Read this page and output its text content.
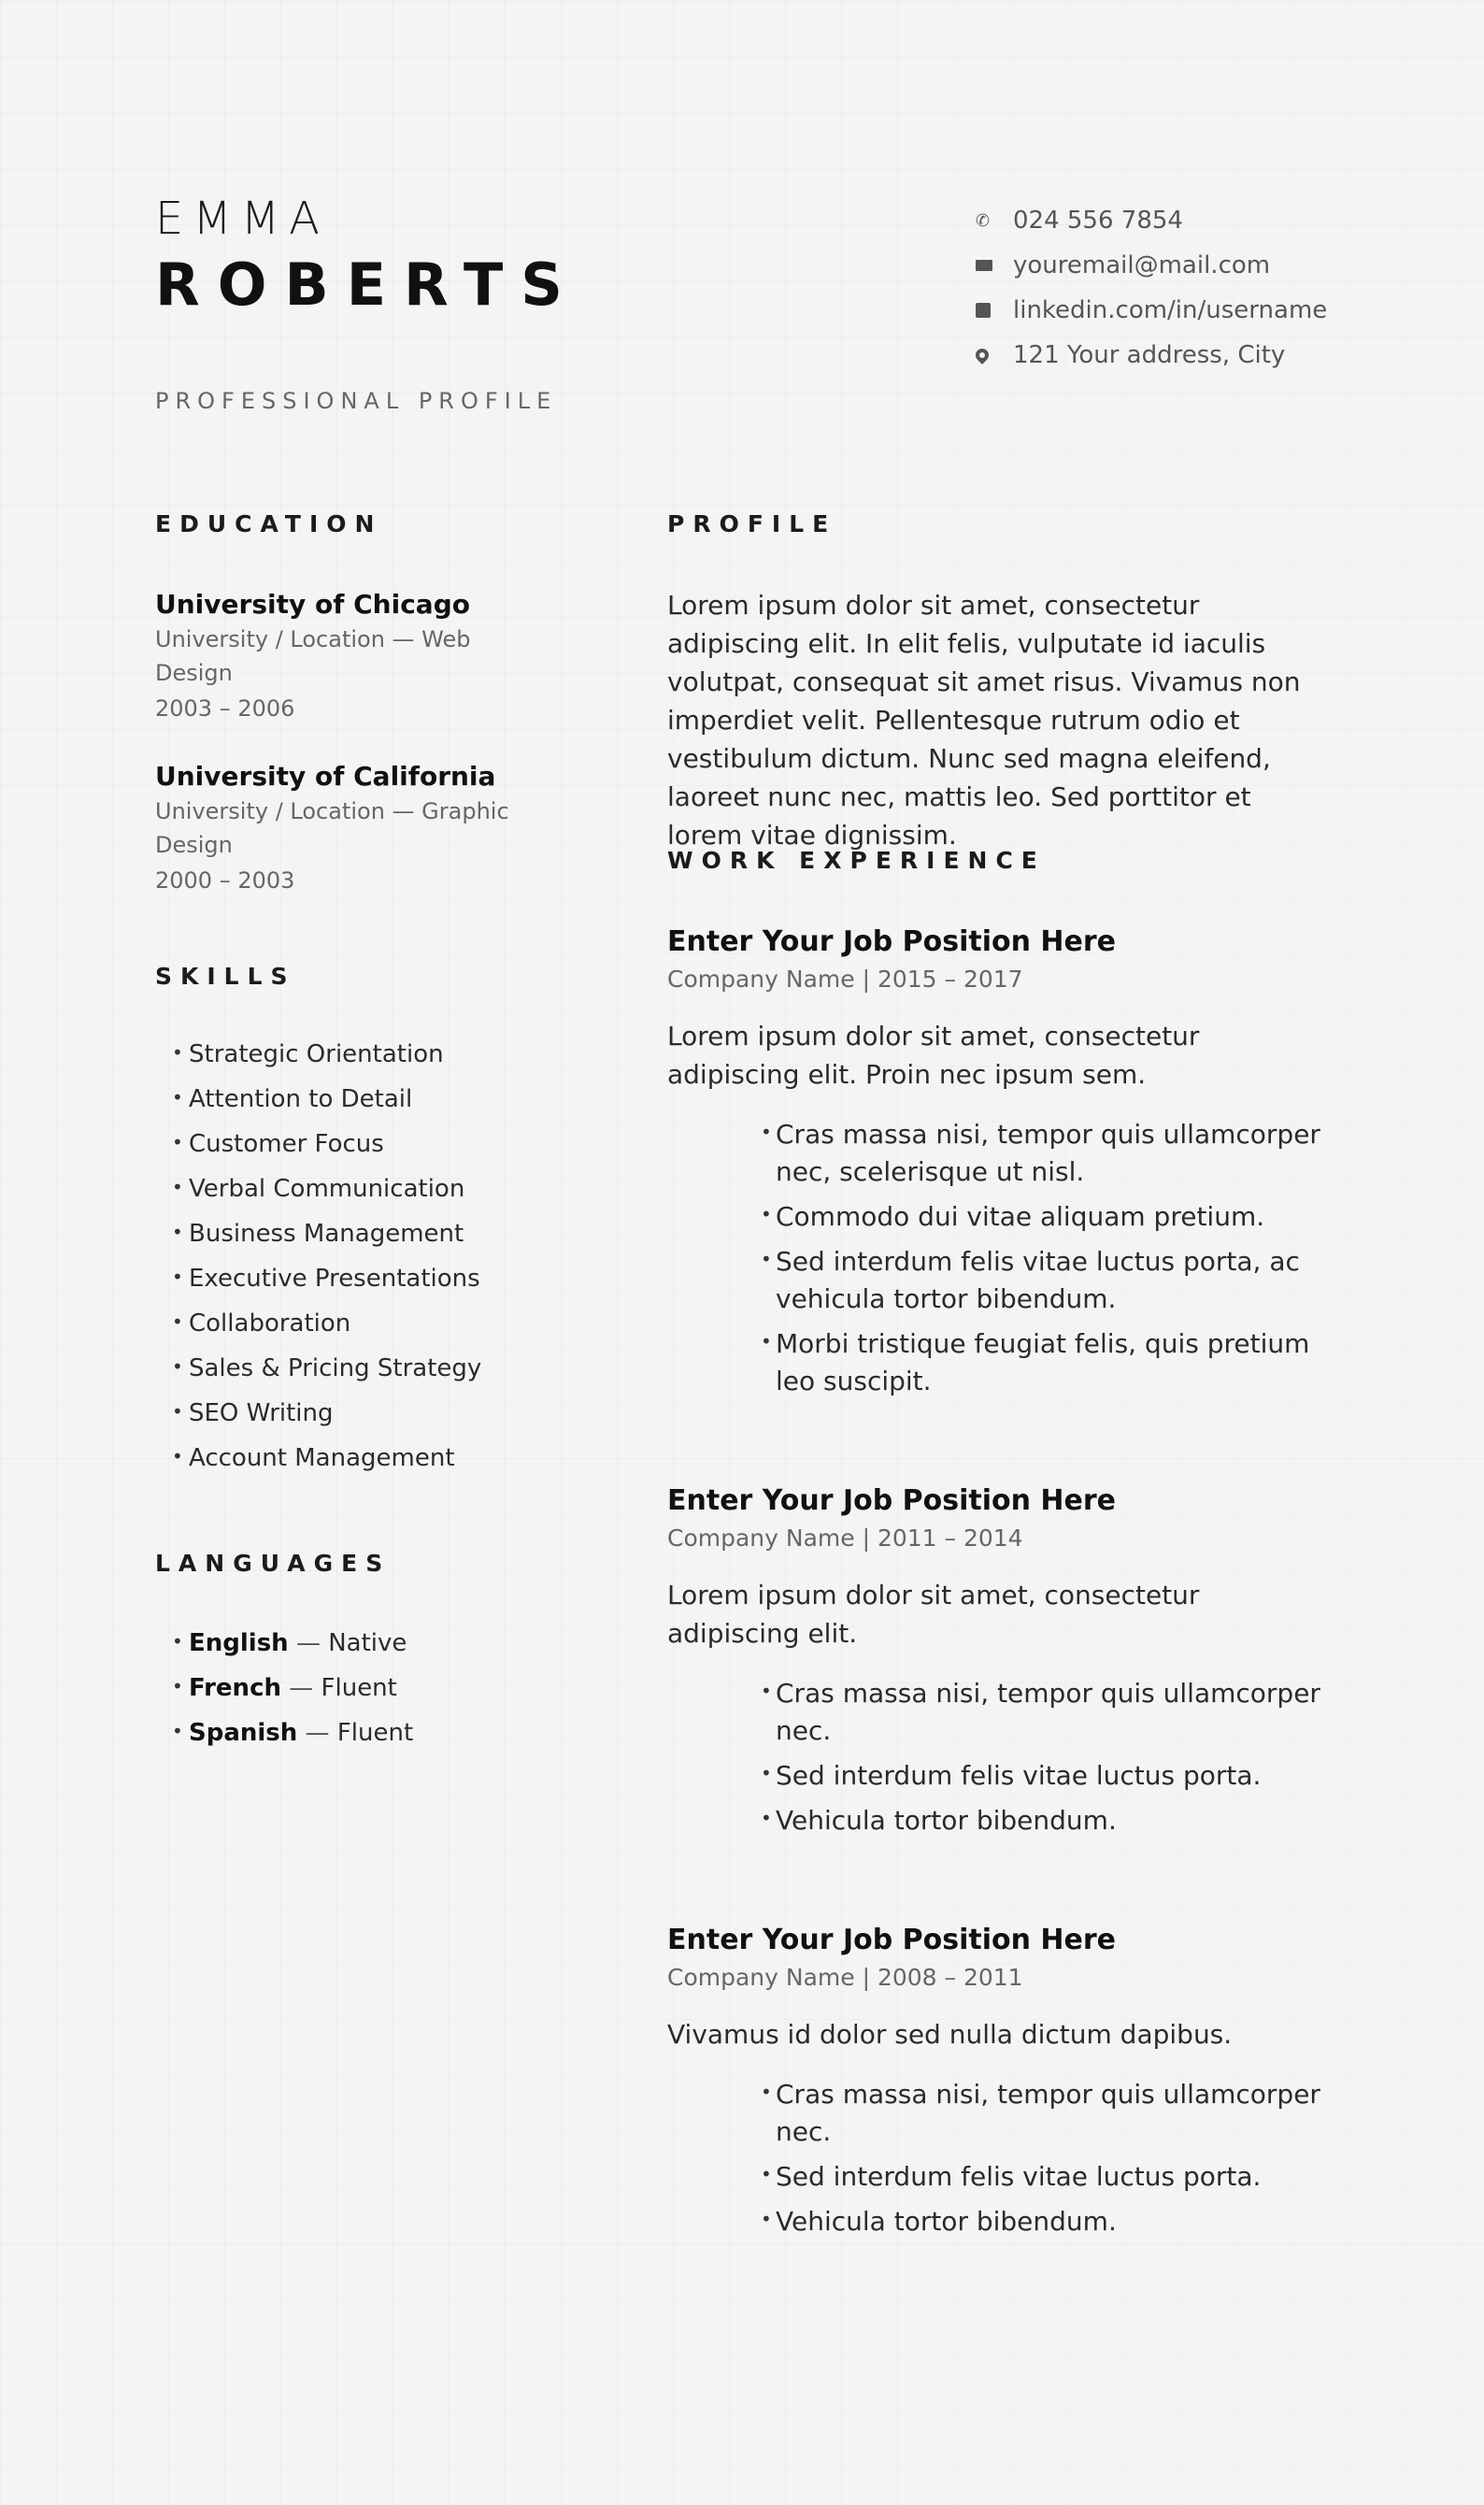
EMMA
ROBERTS
PROFESSIONAL PROFILE
✆ 024 556 7854
youremail@mail.com
linkedin.com/in/username
121 Your address, City
EDUCATION
University of Chicago
University / Location — Web Design
2003 – 2006
University of California
University / Location — Graphic Design
2000 – 2003
SKILLS
• Strategic Orientation
• Attention to Detail
• Customer Focus
• Verbal Communication
• Business Management
• Executive Presentations
• Collaboration
• Sales & Pricing Strategy
• SEO Writing
• Account Management
LANGUAGES
• English — Native
• French — Fluent
• Spanish — Fluent
PROFILE
Lorem ipsum dolor sit amet, consectetur adipiscing elit. In elit felis, vulputate id iaculis volutpat, consequat sit amet risus. Vivamus non imperdiet velit. Pellentesque rutrum odio et vestibulum dictum. Nunc sed magna eleifend, laoreet nunc nec, mattis leo. Sed porttitor et lorem vitae dignissim.
WORK EXPERIENCE
Enter Your Job Position Here
Company Name | 2015 – 2017
Lorem ipsum dolor sit amet, consectetur adipiscing elit. Proin nec ipsum sem.
• Cras massa nisi, tempor quis ullamcorper nec, scelerisque ut nisl.
• Commodo dui vitae aliquam pretium.
• Sed interdum felis vitae luctus porta, ac vehicula tortor bibendum.
• Morbi tristique feugiat felis, quis pretium leo suscipit.
Enter Your Job Position Here
Company Name | 2011 – 2014
Lorem ipsum dolor sit amet, consectetur adipiscing elit.
• Cras massa nisi, tempor quis ullamcorper nec.
• Sed interdum felis vitae luctus porta.
• Vehicula tortor bibendum.
Enter Your Job Position Here
Company Name | 2008 – 2011
Vivamus id dolor sed nulla dictum dapibus.
• Cras massa nisi, tempor quis ullamcorper nec.
• Sed interdum felis vitae luctus porta.
• Vehicula tortor bibendum.
